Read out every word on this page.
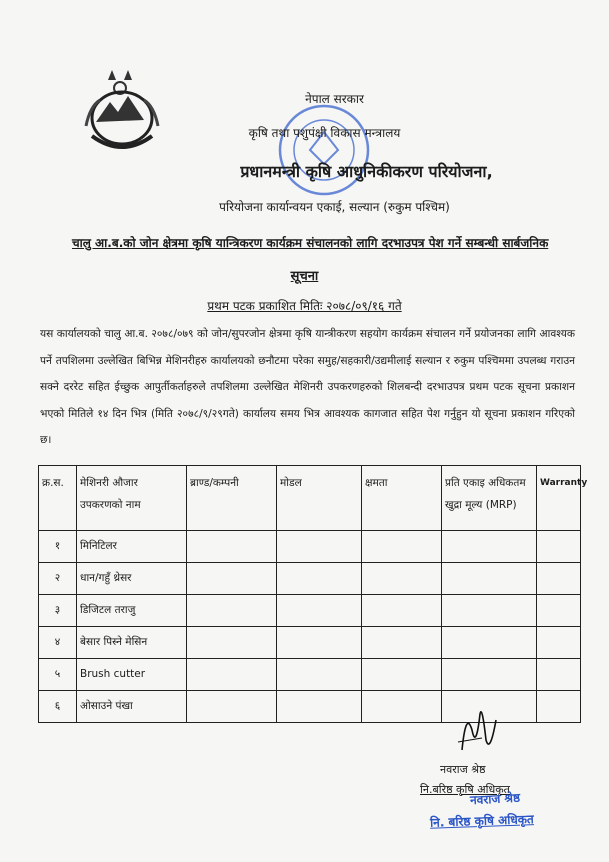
नेपाल सरकार
कृषि तथा पशुपंक्षी विकास मन्त्रालय
प्रधानमन्त्री कृषि आधुनिकीकरण परियोजना,
परियोजना कार्यान्वयन एकाई, सल्यान (रुकुम पश्चिम)
चालु आ.ब.को जोन क्षेत्रमा कृषि यान्त्रिकरण कार्यक्रम संचालनको लागि दरभाउपत्र पेश गर्ने सम्बन्धी सार्बजनिक
सूचना
प्रथम पटक प्रकाशित मितिः २०७८/०९/१६ गते
यस कार्यालयको चालु आ.ब. २०७८/०७९ को जोन/सुपरजोन क्षेत्रमा कृषि यान्त्रीकरण सहयोग कार्यक्रम संचालन गर्ने प्रयोजनका लागि आवश्यक पर्ने तपशिलमा उल्लेखित बिभिन्न मेशिनरीहरु कार्यालयको छनौटमा परेका समुह/सहकारी/उद्यमीलाई सल्यान र रुकुम पश्चिममा उपलब्ध गराउन सक्ने दररेट सहित ईच्छुक आपुर्तीकर्ताहरुले तपशिलमा उल्लेखित मेशिनरी उपकरणहरुको शिलबन्दी दरभाउपत्र प्रथम पटक सूचना प्रकाशन भएको मितिले १४ दिन भित्र (मिति २०७८/९/२९गते) कार्यालय समय भित्र आवश्यक कागजात सहित पेश गर्नुहुन यो सूचना प्रकाशन गरिएको छ।
क्र.स.	मेशिनरी औजार उपकरणको नाम	ब्राण्ड/कम्पनी	मोडल	क्षमता	प्रति एकाइ अधिकतम खुद्रा मूल्य (MRP)	Warranty
१	मिनिटिलर					
२	धान/गहुँ थ्रेसर					
३	डिजिटल तराजु					
४	बेसार पिस्ने मेसिन					
५	Brush cutter					
६	ओसाउने पंखा					
नवराज श्रेष्ठ
नि.बरिष्ठ कृषि अधिकृत
नवराज श्रेष्ठ
नि. बरिष्ठ कृषि अधिकृत
